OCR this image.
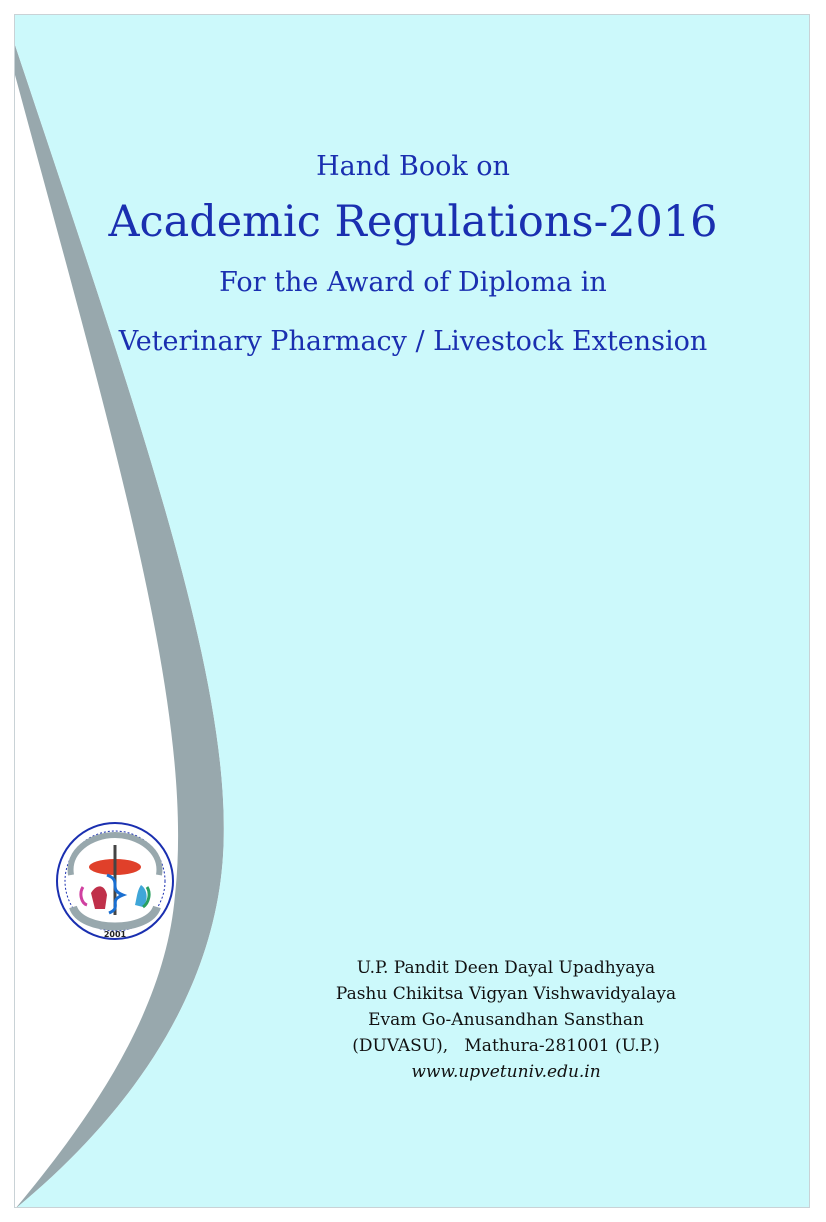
Hand Book on
Academic Regulations-2016
For the Award of Diploma in
Veterinary Pharmacy / Livestock Extension
2001
U.P. Pandit Deen Dayal Upadhyaya
Pashu Chikitsa Vigyan Vishwavidyalaya
Evam Go-Anusandhan Sansthan
(DUVASU),   Mathura-281001 (U.P.)
www.upvetuniv.edu.in
